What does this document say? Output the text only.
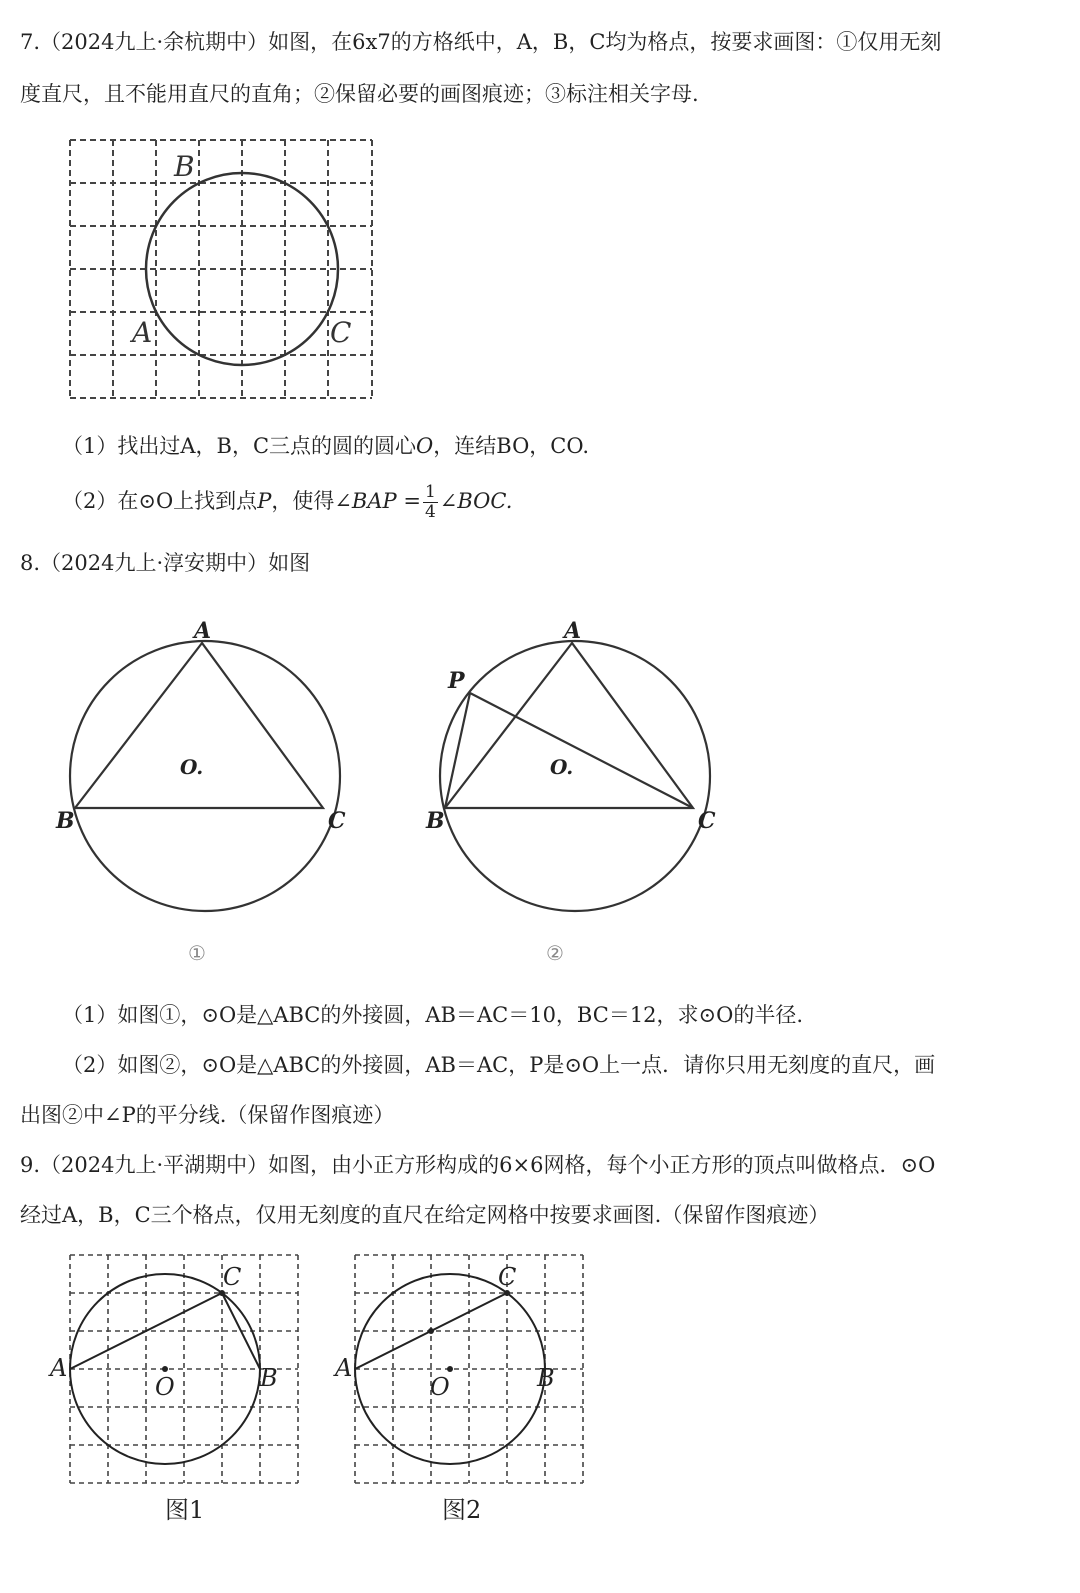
7.（2024九上·余杭期中）如图，在6x7的方格纸中，A，B，C均为格点，按要求画图：①仅用无刻
度直尺，且不能用直尺的直角；②保留必要的画图痕迹；③标注相关字母.
B
A	C
（1）找出过A，B，C三点的圆的圆心O，连结BO，CO.
（2）在⊙O上找到点P，使得∠BAP = $\frac{1}{4}$ ∠BOC.
8.（2024九上·淳安期中）如图
A
B	C
O.
①
A
P
B	C
O.
②
（1）如图①，⊙O是△ABC的外接圆，AB＝AC＝10，BC＝12，求⊙O的半径.
（2）如图②，⊙O是△ABC的外接圆，AB＝AC，P是⊙O上一点．请你只用无刻度的直尺，画
出图②中∠P的平分线.（保留作图痕迹）
9.（2024九上·平湖期中）如图，由小正方形构成的6×6网格，每个小正方形的顶点叫做格点．⊙O
经过A，B，C三个格点，仅用无刻度的直尺在给定网格中按要求画图.（保留作图痕迹）
C
A
O	B
图1
C
A
O	B
图2
